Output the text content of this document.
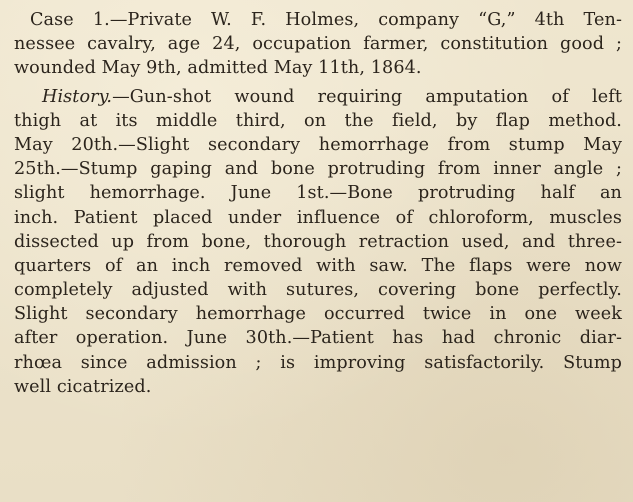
Case 1.—Private W. F. Holmes, company “G,” 4th Ten-
nessee cavalry, age 24, occupation farmer, constitution good ;
wounded May 9th, admitted May 11th, 1864.
History.—Gun-shot wound requiring amputation of left
thigh at its middle third, on the field, by flap method.
May 20th.—Slight secondary hemorrhage from stump May
25th.—Stump gaping and bone protruding from inner angle ;
slight hemorrhage. June 1st.—Bone protruding half an
inch. Patient placed under influence of chloroform, muscles
dissected up from bone, thorough retraction used, and three-
quarters of an inch removed with saw. The flaps were now
completely adjusted with sutures, covering bone perfectly.
Slight secondary hemorrhage occurred twice in one week
after operation. June 30th.—Patient has had chronic diar-
rhœa since admission ; is improving satisfactorily. Stump
well cicatrized.
